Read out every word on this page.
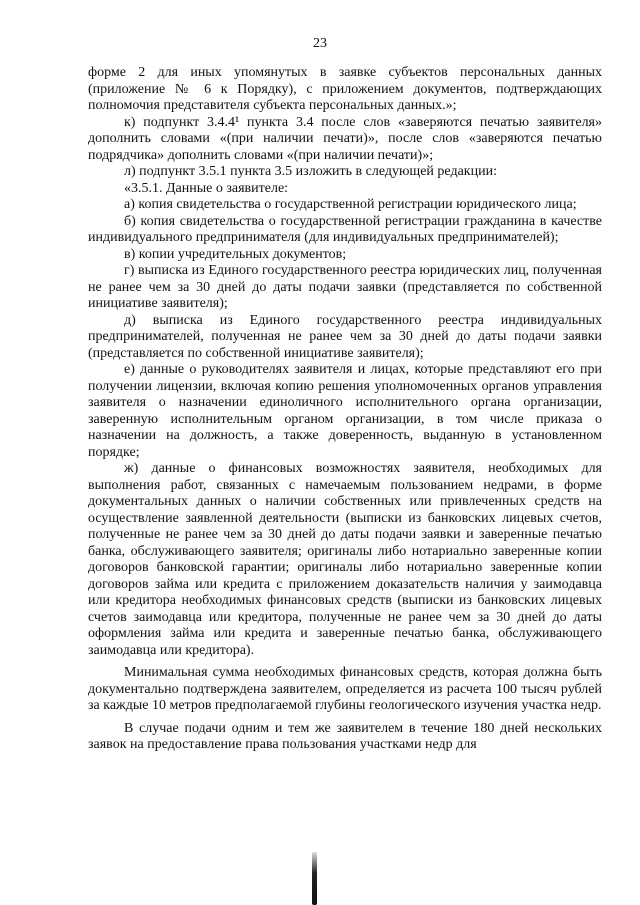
23

форме 2 для иных упомянутых в заявке субъектов персональных данных (приложение № 6 к Порядку), с приложением документов, подтверждающих полномочия представителя субъекта персональных данных.»;

к) подпункт 3.4.4¹ пункта 3.4 после слов «заверяются печатью заявителя» дополнить словами «(при наличии печати)», после слов «заверяются печатью подрядчика» дополнить словами «(при наличии печати)»;

л) подпункт 3.5.1 пункта 3.5 изложить в следующей редакции:

«3.5.1. Данные о заявителе:

а) копия свидетельства о государственной регистрации юридического лица;

б) копия свидетельства о государственной регистрации гражданина в качестве индивидуального предпринимателя (для индивидуальных предпринимателей);

в) копии учредительных документов;

г) выписка из Единого государственного реестра юридических лиц, полученная не ранее чем за 30 дней до даты подачи заявки (представляется по собственной инициативе заявителя);

д) выписка из Единого государственного реестра индивидуальных предпринимателей, полученная не ранее чем за 30 дней до даты подачи заявки (представляется по собственной инициативе заявителя);

е) данные о руководителях заявителя и лицах, которые представляют его при получении лицензии, включая копию решения уполномоченных органов управления заявителя о назначении единоличного исполнительного органа организации, заверенную исполнительным органом организации, в том числе приказа о назначении на должность, а также доверенность, выданную в установленном порядке;

ж) данные о финансовых возможностях заявителя, необходимых для выполнения работ, связанных с намечаемым пользованием недрами, в форме документальных данных о наличии собственных или привлеченных средств на осуществление заявленной деятельности (выписки из банковских лицевых счетов, полученные не ранее чем за 30 дней до даты подачи заявки и заверенные печатью банка, обслуживающего заявителя; оригиналы либо нотариально заверенные копии договоров банковской гарантии; оригиналы либо нотариально заверенные копии договоров займа или кредита с приложением доказательств наличия у заимодавца или кредитора необходимых финансовых средств (выписки из банковских лицевых счетов заимодавца или кредитора, полученные не ранее чем за 30 дней до даты оформления займа или кредита и заверенные печатью банка, обслуживающего заимодавца или кредитора).

Минимальная сумма необходимых финансовых средств, которая должна быть документально подтверждена заявителем, определяется из расчета 100 тысяч рублей за каждые 10 метров предполагаемой глубины геологического изучения участка недр.

В случае подачи одним и тем же заявителем в течение 180 дней нескольких заявок на предоставление права пользования участками недр для
